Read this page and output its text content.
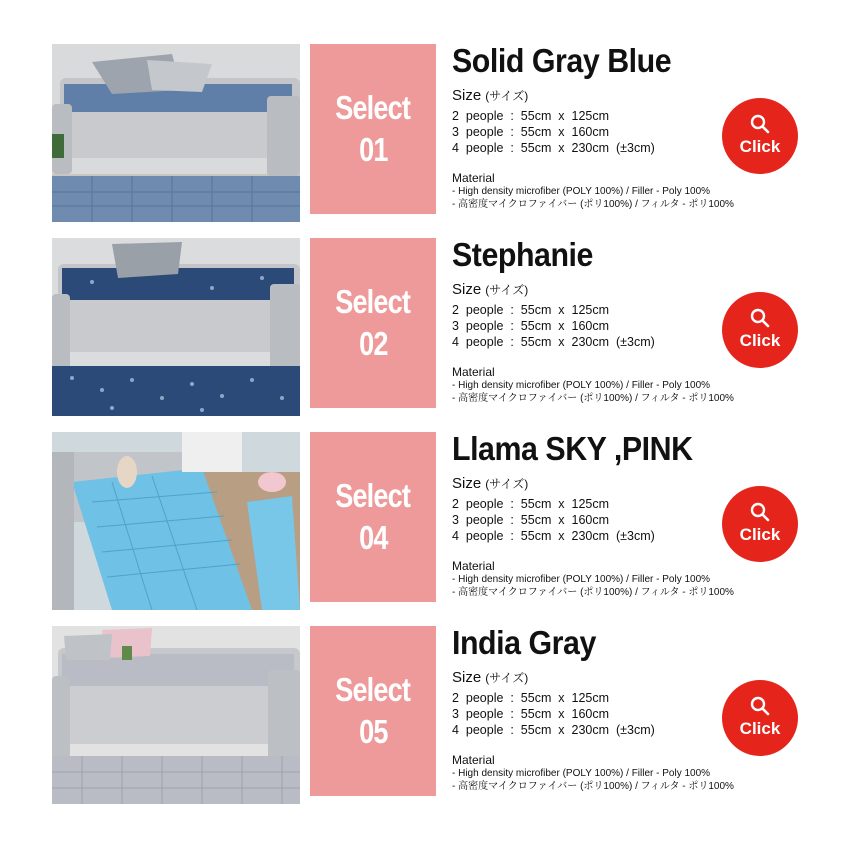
Select
01
Solid Gray Blue
Size (サイズ)
2  people  :  55cm  x  125cm
3  people  :  55cm  x  160cm
4  people  :  55cm  x  230cm  (±3cm)
Material
- High density microfiber (POLY 100%) / Filler - Poly 100%
- 高密度マイクロファイバー (ポリ100%) / フィルタ - ポリ100%
Click
Select
02
Stephanie
Size (サイズ)
2  people  :  55cm  x  125cm
3  people  :  55cm  x  160cm
4  people  :  55cm  x  230cm  (±3cm)
Material
- High density microfiber (POLY 100%) / Filler - Poly 100%
- 高密度マイクロファイバー (ポリ100%) / フィルタ - ポリ100%
Click
Select
04
Llama SKY ,PINK
Size (サイズ)
2  people  :  55cm  x  125cm
3  people  :  55cm  x  160cm
4  people  :  55cm  x  230cm  (±3cm)
Material
- High density microfiber (POLY 100%) / Filler - Poly 100%
- 高密度マイクロファイバー (ポリ100%) / フィルタ - ポリ100%
Click
Select
05
India Gray
Size (サイズ)
2  people  :  55cm  x  125cm
3  people  :  55cm  x  160cm
4  people  :  55cm  x  230cm  (±3cm)
Material
- High density microfiber (POLY 100%) / Filler - Poly 100%
- 高密度マイクロファイバー (ポリ100%) / フィルタ - ポリ100%
Click
